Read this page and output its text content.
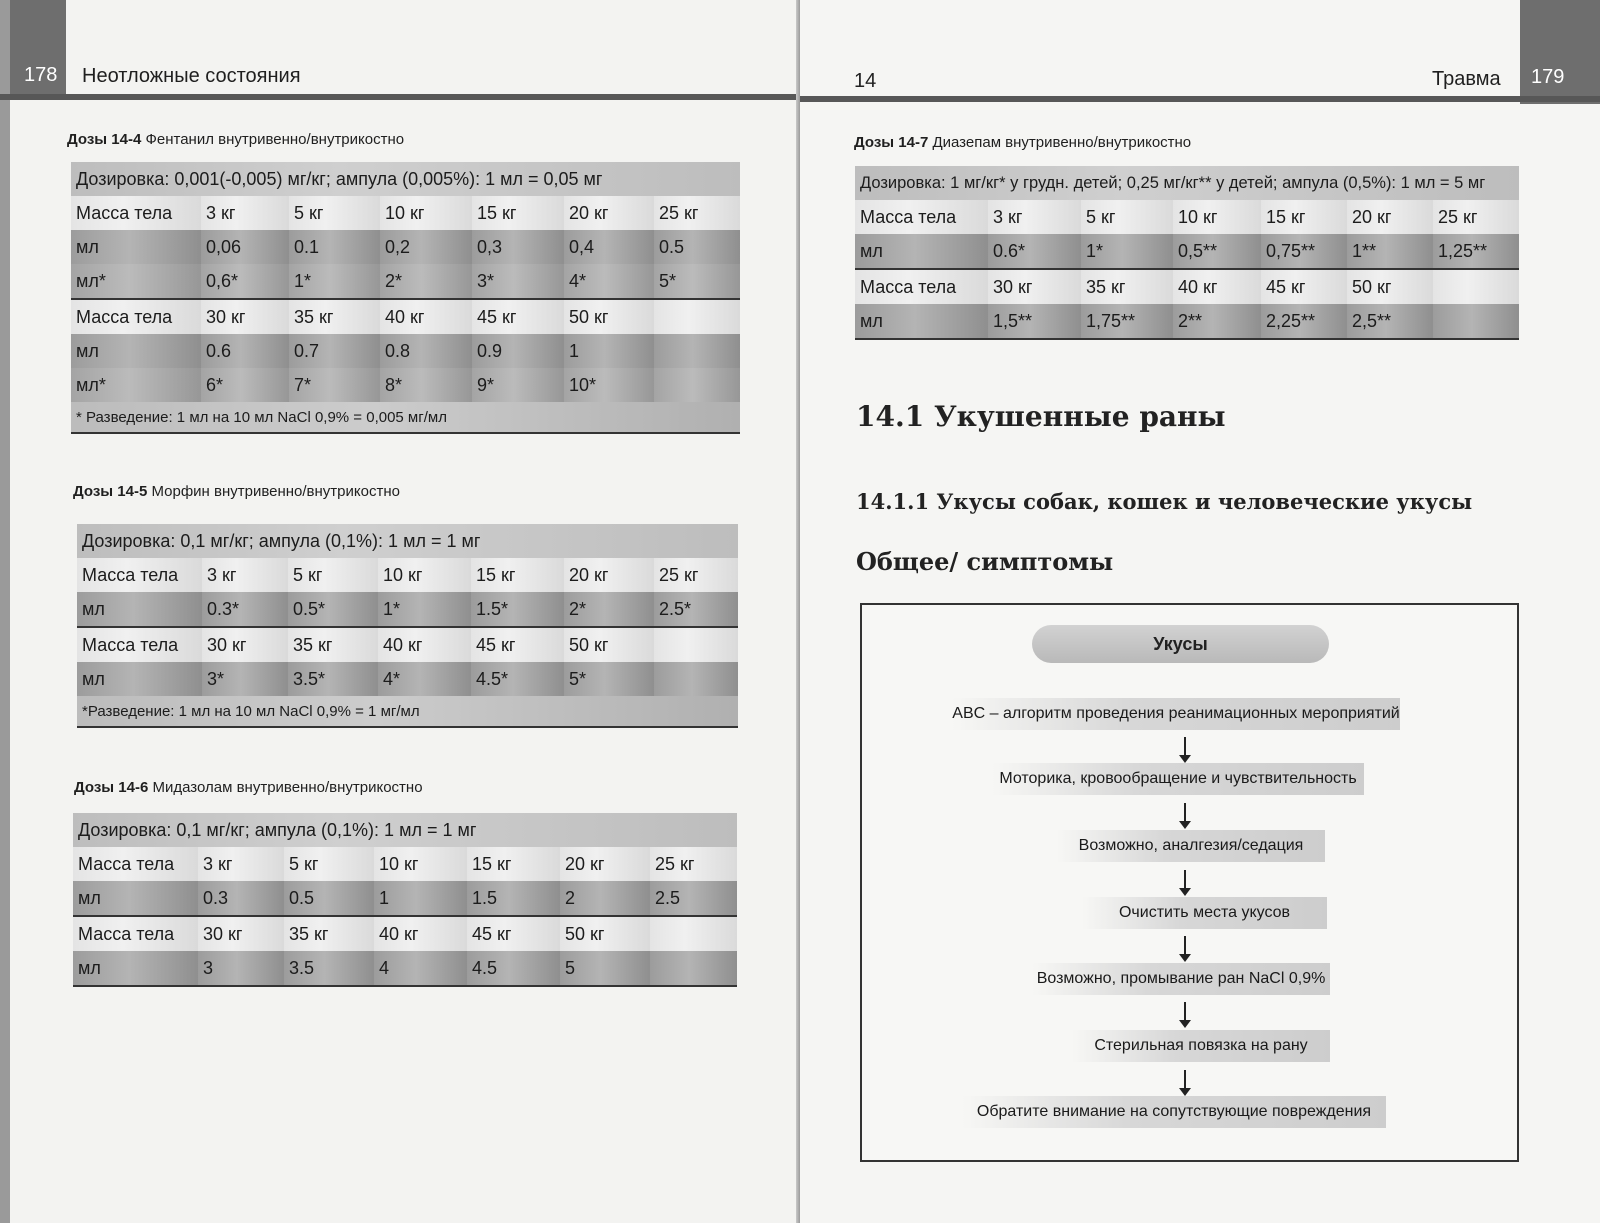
178 Неотложные состояния
Дозы 14-4 Фентанил внутривенно/внутрикостно
Дозировка: 0,001(-0,005) мг/кг; ампула (0,005%): 1 мл = 0,05 мг						
Масса тела	3 кг	5 кг	10 кг	15 кг	20 кг	25 кг
мл	0,06	0.1	0,2	0,3	0,4	0.5
мл*	0,6*	1*	2*	3*	4*	5*
Масса тела	30 кг	35 кг	40 кг	45 кг	50 кг	
мл	0.6	0.7	0.8	0.9	1	
мл*	6*	7*	8*	9*	10*	
* Разведение: 1 мл на 10 мл NaCl 0,9% = 0,005 мг/мл						
Дозы 14-5 Морфин внутривенно/внутрикостно
Дозировка: 0,1 мг/кг; ампула (0,1%): 1 мл = 1 мг						
Масса тела	3 кг	5 кг	10 кг	15 кг	20 кг	25 кг
мл	0.3*	0.5*	1*	1.5*	2*	2.5*
Масса тела	30 кг	35 кг	40 кг	45 кг	50 кг	
мл	3*	3.5*	4*	4.5*	5*	
*Разведение: 1 мл на 10 мл NaCl 0,9% = 1 мг/мл						
Дозы 14-6 Мидазолам внутривенно/внутрикостно
Дозировка: 0,1 мг/кг; ампула (0,1%): 1 мл = 1 мг						
Масса тела	3 кг	5 кг	10 кг	15 кг	20 кг	25 кг
мл	0.3	0.5	1	1.5	2	2.5
Масса тела	30 кг	35 кг	40 кг	45 кг	50 кг	
мл	3	3.5	4	4.5	5	
179
14	Травма
Дозы 14-7 Диазепам внутривенно/внутрикостно
Дозировка: 1 мг/кг* у грудн. детей; 0,25 мг/кг** у детей; ампула (0,5%): 1 мл = 5 мг						
Масса тела	3 кг	5 кг	10 кг	15 кг	20 кг	25 кг
мл	0.6*	1*	0,5**	0,75**	1**	1,25**
Масса тела	30 кг	35 кг	40 кг	45 кг	50 кг	
мл	1,5**	1,75**	2**	2,25**	2,5**	
14.1 Укушенные раны
14.1.1 Укусы собак, кошек и человеческие укусы
Общее/ симптомы
Укусы
ABC – алгоритм проведения реанимационных мероприятий
Моторика, кровообращение и чувствительность
Возможно, аналгезия/седация
Очистить места укусов
Возможно, промывание ран NaCl 0,9%
Стерильная повязка на рану
Обратите внимание на сопутствующие повреждения
